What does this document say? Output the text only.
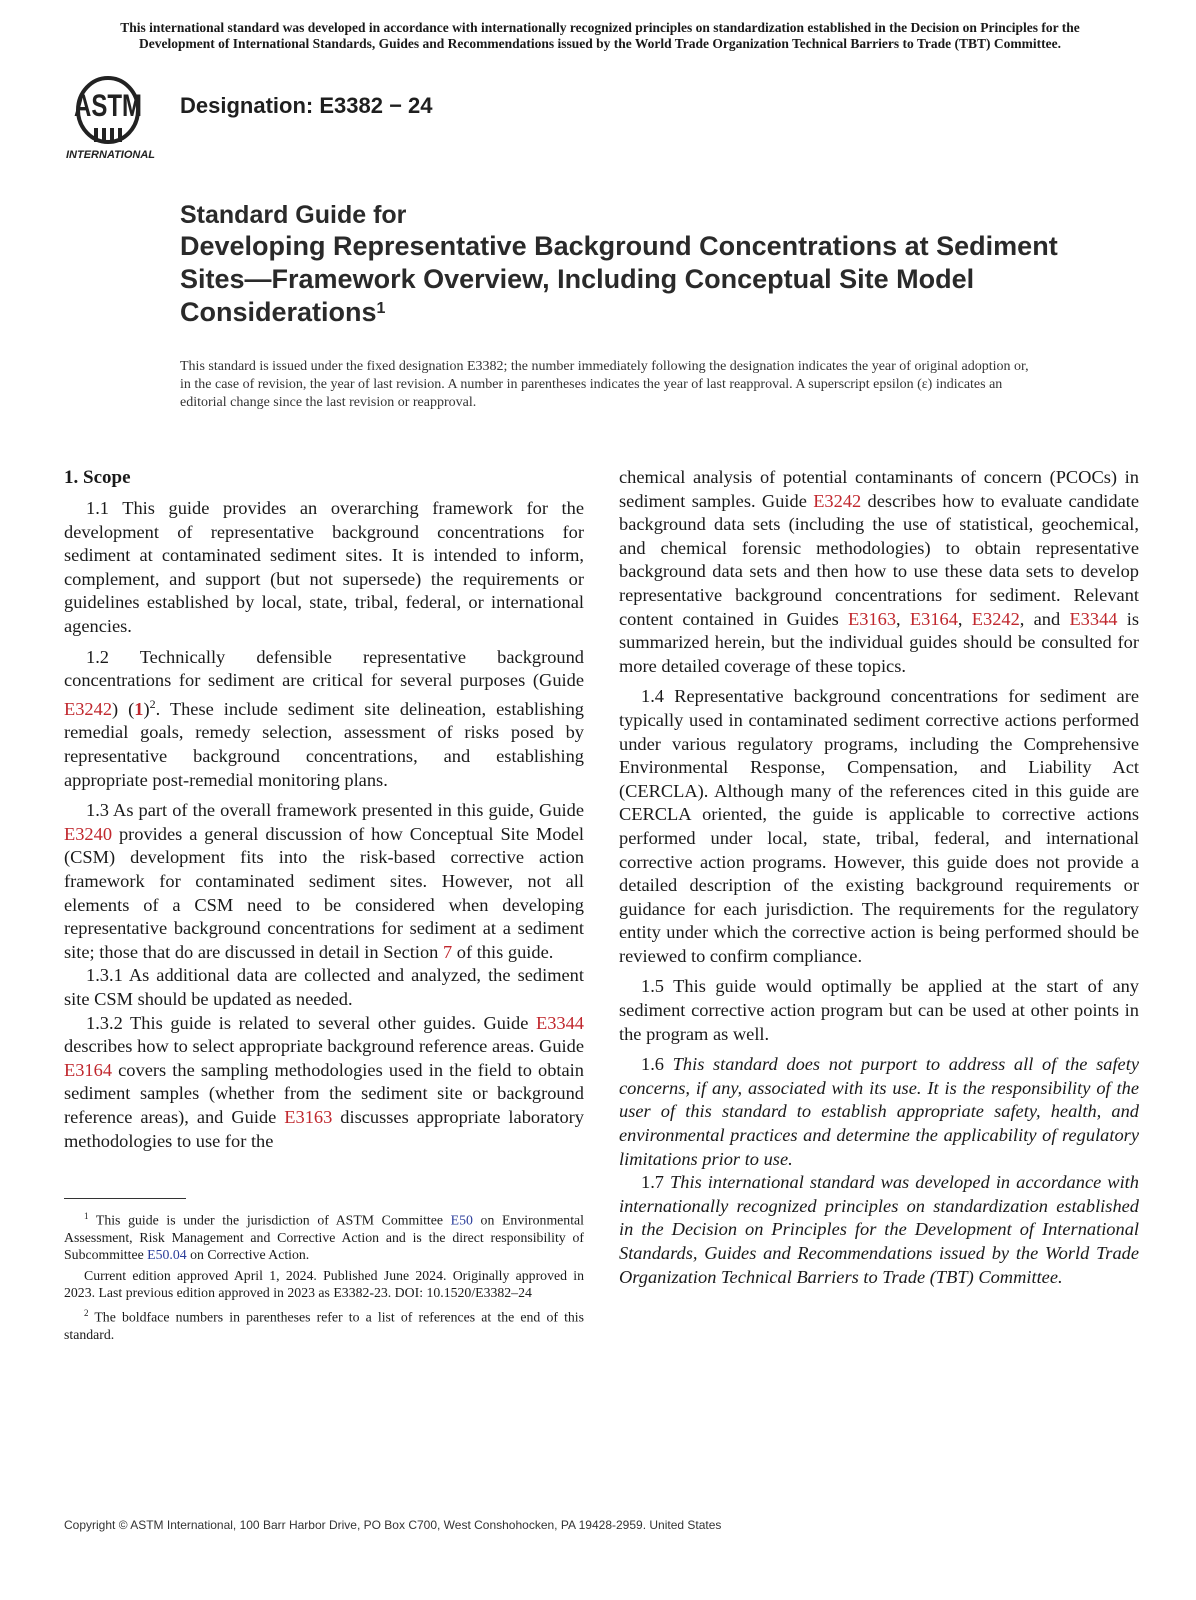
This international standard was developed in accordance with internationally recognized principles on standardization established in the Decision on Principles for the
Development of International Standards, Guides and Recommendations issued by the World Trade Organization Technical Barriers to Trade (TBT) Committee.
ASTM
INTERNATIONAL
Designation: E3382 − 24
Standard Guide for
Developing Representative Background Concentrations at Sediment Sites—Framework Overview, Including Conceptual Site Model Considerations$^1$
This standard is issued under the fixed designation E3382; the number immediately following the designation indicates the year of original adoption or, in the case of revision, the year of last revision. A number in parentheses indicates the year of last reapproval. A superscript epsilon (ε) indicates an editorial change since the last revision or reapproval.
1. Scope

1.1 This guide provides an overarching framework for the development of representative background concentrations for sediment at contaminated sediment sites. It is intended to inform, complement, and support (but not supersede) the requirements or guidelines established by local, state, tribal, federal, or international agencies.

1.2 Technically defensible representative background concentrations for sediment are critical for several purposes (Guide E3242) (1)$^2$. These include sediment site delineation, establishing remedial goals, remedy selection, assessment of risks posed by representative background concentrations, and establishing appropriate post-remedial monitoring plans.

1.3 As part of the overall framework presented in this guide, Guide E3240 provides a general discussion of how Conceptual Site Model (CSM) development fits into the risk-based corrective action framework for contaminated sediment sites. However, not all elements of a CSM need to be considered when developing representative background concentrations for sediment at a sediment site; those that do are discussed in detail in Section 7 of this guide.

1.3.1 As additional data are collected and analyzed, the sediment site CSM should be updated as needed.

1.3.2 This guide is related to several other guides. Guide E3344 describes how to select appropriate background reference areas. Guide E3164 covers the sampling methodologies used in the field to obtain sediment samples (whether from the sediment site or background reference areas), and Guide E3163 discusses appropriate laboratory methodologies to use for the

$^1$ This guide is under the jurisdiction of ASTM Committee E50 on Environmental Assessment, Risk Management and Corrective Action and is the direct responsibility of Subcommittee E50.04 on Corrective Action.

Current edition approved April 1, 2024. Published June 2024. Originally approved in 2023. Last previous edition approved in 2023 as E3382-23. DOI: 10.1520/E3382–24

$^2$ The boldface numbers in parentheses refer to a list of references at the end of this standard.

chemical analysis of potential contaminants of concern (PCOCs) in sediment samples. Guide E3242 describes how to evaluate candidate background data sets (including the use of statistical, geochemical, and chemical forensic methodologies) to obtain representative background data sets and then how to use these data sets to develop representative background concentrations for sediment. Relevant content contained in Guides E3163, E3164, E3242, and E3344 is summarized herein, but the individual guides should be consulted for more detailed coverage of these topics.

1.4 Representative background concentrations for sediment are typically used in contaminated sediment corrective actions performed under various regulatory programs, including the Comprehensive Environmental Response, Compensation, and Liability Act (CERCLA). Although many of the references cited in this guide are CERCLA oriented, the guide is applicable to corrective actions performed under local, state, tribal, federal, and international corrective action programs. However, this guide does not provide a detailed description of the existing background requirements or guidance for each jurisdiction. The requirements for the regulatory entity under which the corrective action is being performed should be reviewed to confirm compliance.

1.5 This guide would optimally be applied at the start of any sediment corrective action program but can be used at other points in the program as well.

1.6 This standard does not purport to address all of the safety concerns, if any, associated with its use. It is the responsibility of the user of this standard to establish appropriate safety, health, and environmental practices and determine the applicability of regulatory limitations prior to use.

1.7 This international standard was developed in accordance with internationally recognized principles on standardization established in the Decision on Principles for the Development of International Standards, Guides and Recommendations issued by the World Trade Organization Technical Barriers to Trade (TBT) Committee.

Copyright © ASTM International, 100 Barr Harbor Drive, PO Box C700, West Conshohocken, PA 19428-2959. United States
